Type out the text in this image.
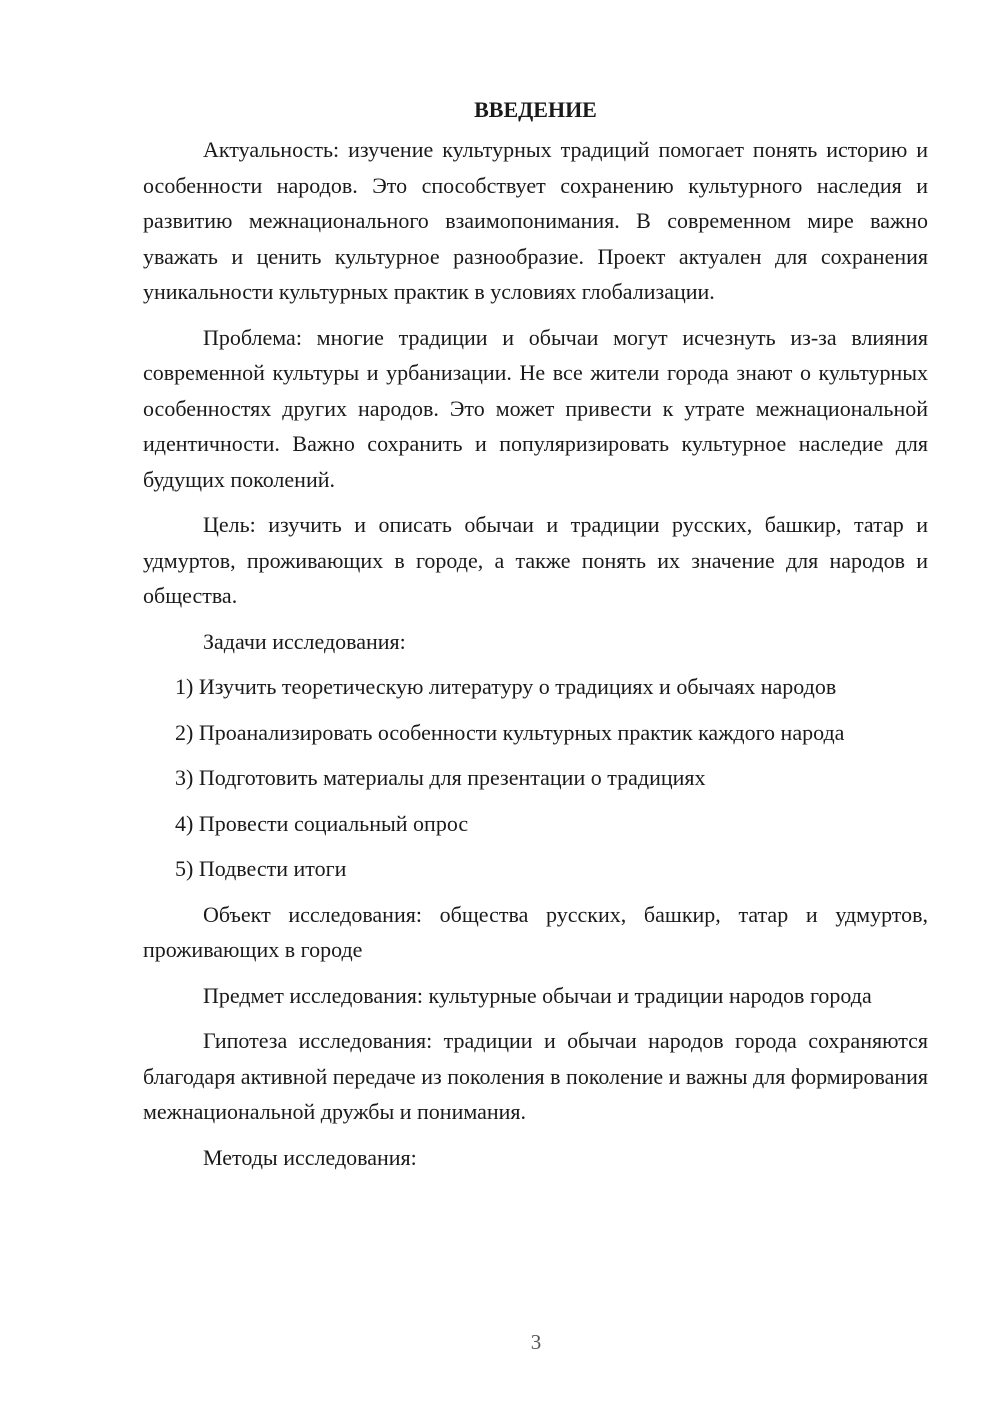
ВВЕДЕНИЕ

Актуальность: изучение культурных традиций помогает понять историю и особенности народов. Это способствует сохранению культурного наследия и развитию межнационального взаимопонимания. В современном мире важно уважать и ценить культурное разнообразие. Проект актуален для сохранения уникальности культурных практик в условиях глобализации.

Проблема: многие традиции и обычаи могут исчезнуть из-за влияния современной культуры и урбанизации. Не все жители города знают о культурных особенностях других народов. Это может привести к утрате межнациональной идентичности. Важно сохранить и популяризировать культурное наследие для будущих поколений.

Цель: изучить и описать обычаи и традиции русских, башкир, татар и удмуртов, проживающих в городе, а также понять их значение для народов и общества.

Задачи исследования:

1) Изучить теоретическую литературу о традициях и обычаях народов

2) Проанализировать особенности культурных практик каждого народа

3) Подготовить материалы для презентации о традициях

4) Провести социальный опрос

5) Подвести итоги

Объект исследования: общества русских, башкир, татар и удмуртов, проживающих в городе

Предмет исследования: культурные обычаи и традиции народов города

Гипотеза исследования: традиции и обычаи народов города сохраняются благодаря активной передаче из поколения в поколение и важны для формирования межнациональной дружбы и понимания.

Методы исследования:

3
